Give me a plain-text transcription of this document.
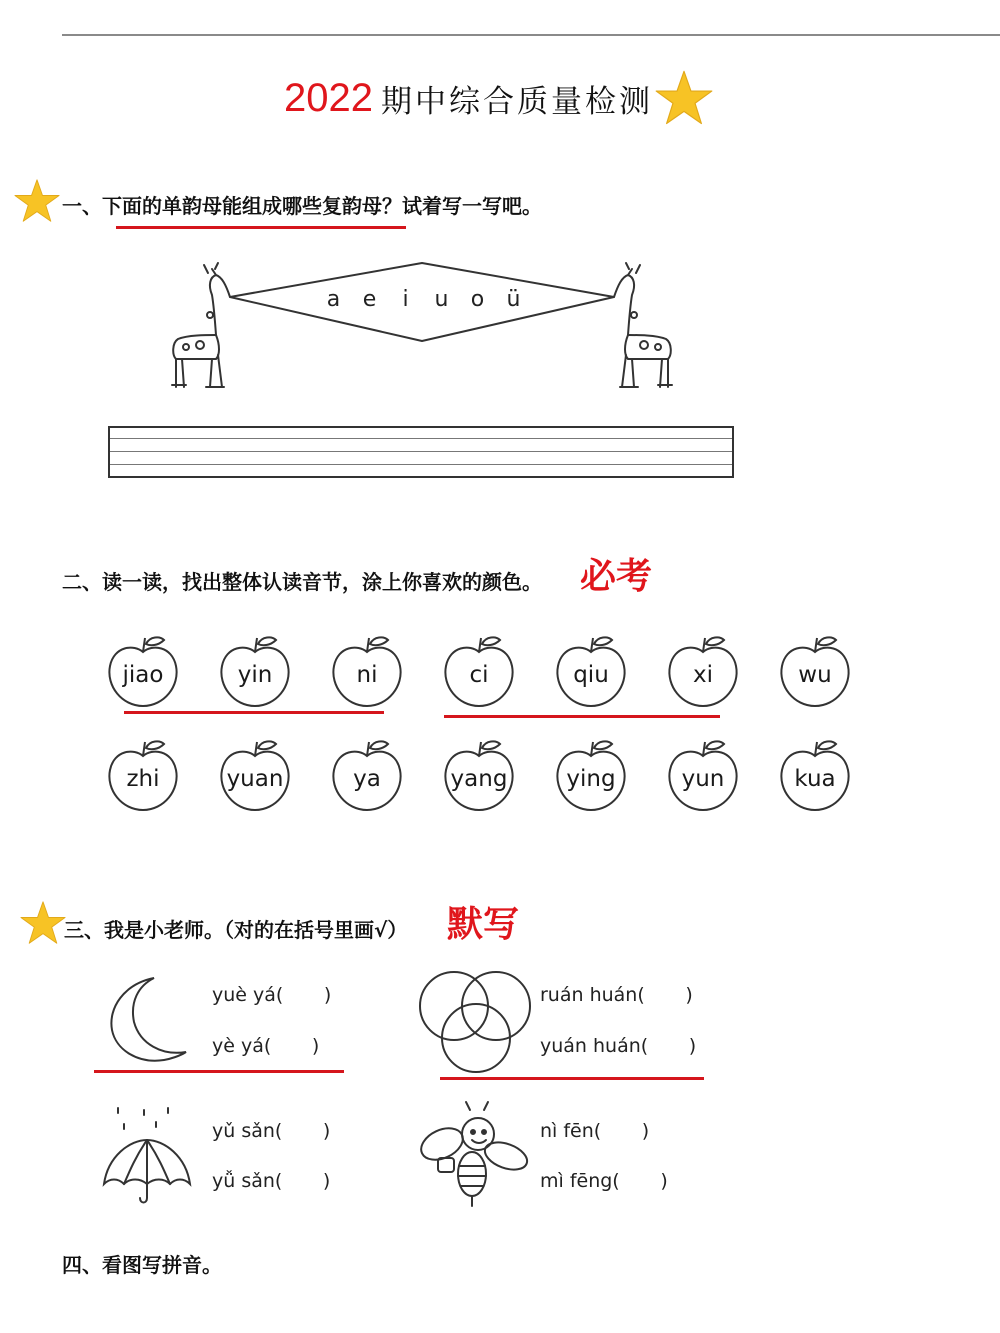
2022 期中综合质量检测
一、下面的单韵母能组成哪些复韵母？试着写一写吧。
a e i u o ü
二、读一读，找出整体认读音节，涂上你喜欢的颜色。 必考
jiao	yin	ni	ci	qiu	xi	wu
zhi	yuan	ya	yang	ying	yun	kua
三、我是小老师。（对的在括号里画√） 默写
yuè yá( )
yè yá( )
ruán huán( )
yuán huán( )
yǔ sǎn( )
yǚ sǎn( )
nì fēn( )
mì fēng( )
四、看图写拼音。
